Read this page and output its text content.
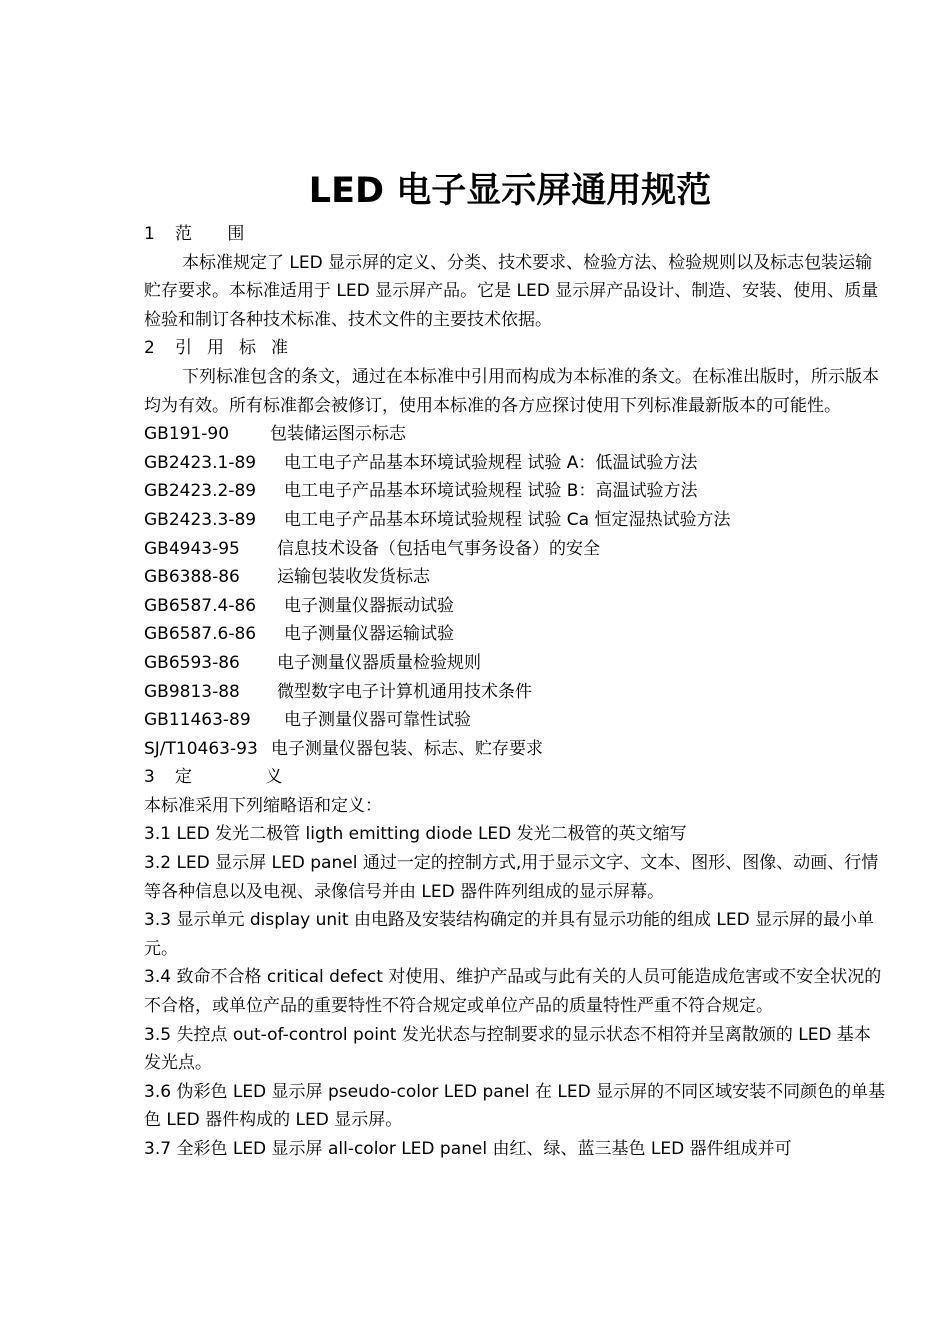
LED 电子显示屏通用规范

1 范 围

本标准规定了 LED 显示屏的定义、分类、技术要求、检验方法、检验规则以及标志包装运输贮存要求。本标准适用于 LED 显示屏产品。它是 LED 显示屏产品设计、制造、安装、使用、质量检验和制订各种技术标准、技术文件的主要技术依据。

2 引用标准

下列标准包含的条文，通过在本标准中引用而构成为本标准的条文。在标准出版时，所示版本均为有效。所有标准都会被修订，使用本标准的各方应探讨使用下列标准最新版本的可能性。

GB191-90 包装储运图示标志

GB2423.1-89 电工电子产品基本环境试验规程 试验 A：低温试验方法

GB2423.2-89 电工电子产品基本环境试验规程 试验 B：高温试验方法

GB2423.3-89 电工电子产品基本环境试验规程 试验 Ca 恒定湿热试验方法

GB4943-95 信息技术设备（包括电气事务设备）的安全

GB6388-86 运输包装收发货标志

GB6587.4-86 电子测量仪器振动试验

GB6587.6-86 电子测量仪器运输试验

GB6593-86 电子测量仪器质量检验规则

GB9813-88 微型数字电子计算机通用技术条件

GB11463-89 电子测量仪器可靠性试验

SJ/T10463-93 电子测量仪器包装、标志、贮存要求

3 定 义

本标准采用下列缩略语和定义：

3.1 LED 发光二极管 ligth emitting diode LED 发光二极管的英文缩写

3.2 LED 显示屏 LED panel 通过一定的控制方式,用于显示文字、文本、图形、图像、动画、行情等各种信息以及电视、录像信号并由 LED 器件阵列组成的显示屏幕。

3.3 显示单元 display unit 由电路及安装结构确定的并具有显示功能的组成 LED 显示屏的最小单元。

3.4 致命不合格 critical defect 对使用、维护产品或与此有关的人员可能造成危害或不安全状况的不合格，或单位产品的重要特性不符合规定或单位产品的质量特性严重不符合规定。

3.5 失控点 out-of-control point 发光状态与控制要求的显示状态不相符并呈离散颁的 LED 基本发光点。

3.6 伪彩色 LED 显示屏 pseudo-color LED panel 在 LED 显示屏的不同区域安装不同颜色的单基色 LED 器件构成的 LED 显示屏。

3.7 全彩色 LED 显示屏 all-color LED panel 由红、绿、蓝三基色 LED 器件组成并可
